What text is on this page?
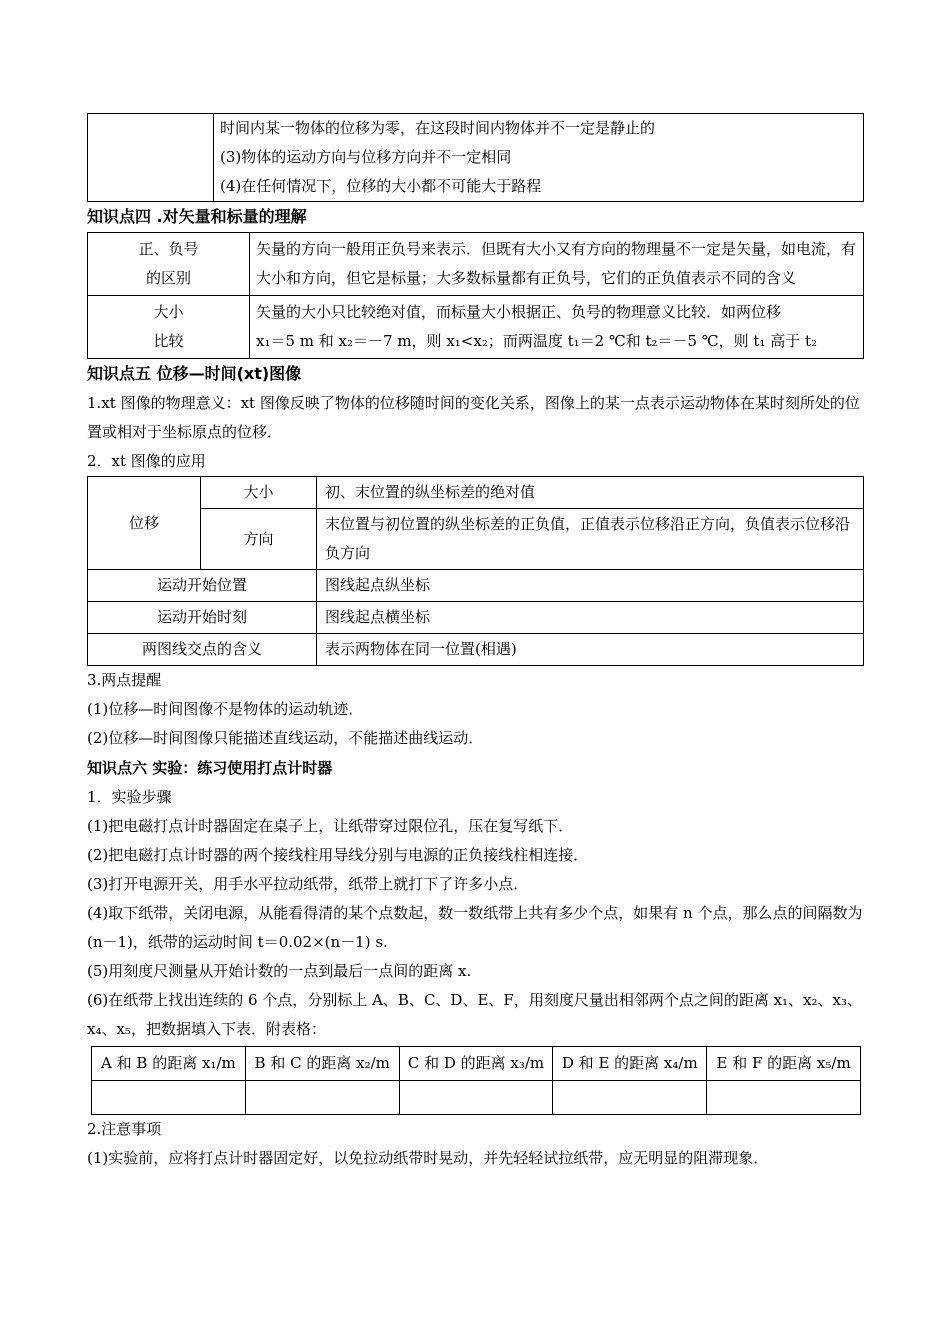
时间内某一物体的位移为零，在这段时间内物体并不一定是静止的
(3)物体的运动方向与位移方向并不一定相同
(4)在任何情况下，位移的大小都不可能大于路程
知识点四 .对矢量和标量的理解
正、负号
的区别	矢量的方向一般用正负号来表示．但既有大小又有方向的物理量不一定是矢量，如电流，有大小和方向，但它是标量；大多数标量都有正负号，它们的正负值表示不同的含义

大小
比较	矢量的大小只比较绝对值，而标量大小根据正、负号的物理意义比较．如两位移
x₁＝5 m 和 x₂＝－7 m，则 x₁<x₂；而两温度 t₁＝2 ℃和 t₂＝－5 ℃，则 t₁ 高于 t₂
知识点五 位移—时间(xt)图像
1.xt 图像的物理意义：xt 图像反映了物体的位移随时间的变化关系，图像上的某一点表示运动物体在某时刻所处的位置或相对于坐标原点的位移．
2．xt 图像的应用
位移	大小	初、末位置的纵坐标差的绝对值
	方向	末位置与初位置的纵坐标差的正负值，正值表示位移沿正方向，负值表示位移沿负方向
运动开始位置		图线起点纵坐标
运动开始时刻		图线起点横坐标
两图线交点的含义		表示两物体在同一位置(相遇)
3.两点提醒
(1)位移—时间图像不是物体的运动轨迹．
(2)位移—时间图像只能描述直线运动，不能描述曲线运动．
知识点六 实验：练习使用打点计时器
1．实验步骤
(1)把电磁打点计时器固定在桌子上，让纸带穿过限位孔，压在复写纸下．
(2)把电磁打点计时器的两个接线柱用导线分别与电源的正负接线柱相连接．
(3)打开电源开关，用手水平拉动纸带，纸带上就打下了许多小点．
(4)取下纸带，关闭电源，从能看得清的某个点数起，数一数纸带上共有多少个点，如果有 n 个点，那么点的间隔数为(n－1)，纸带的运动时间 t＝0.02×(n－1) s.
(5)用刻度尺测量从开始计数的一点到最后一点间的距离 x.
(6)在纸带上找出连续的 6 个点，分别标上 A、B、C、D、E、F，用刻度尺量出相邻两个点之间的距离 x₁、x₂、x₃、x₄、x₅，把数据填入下表．附表格：
A 和 B 的距离 x₁/m	B 和 C 的距离 x₂/m	C 和 D 的距离 x₃/m	D 和 E 的距离 x₄/m	E 和 F 的距离 x₅/m

2.注意事项
(1)实验前，应将打点计时器固定好，以免拉动纸带时晃动，并先轻轻试拉纸带，应无明显的阻滞现象．
